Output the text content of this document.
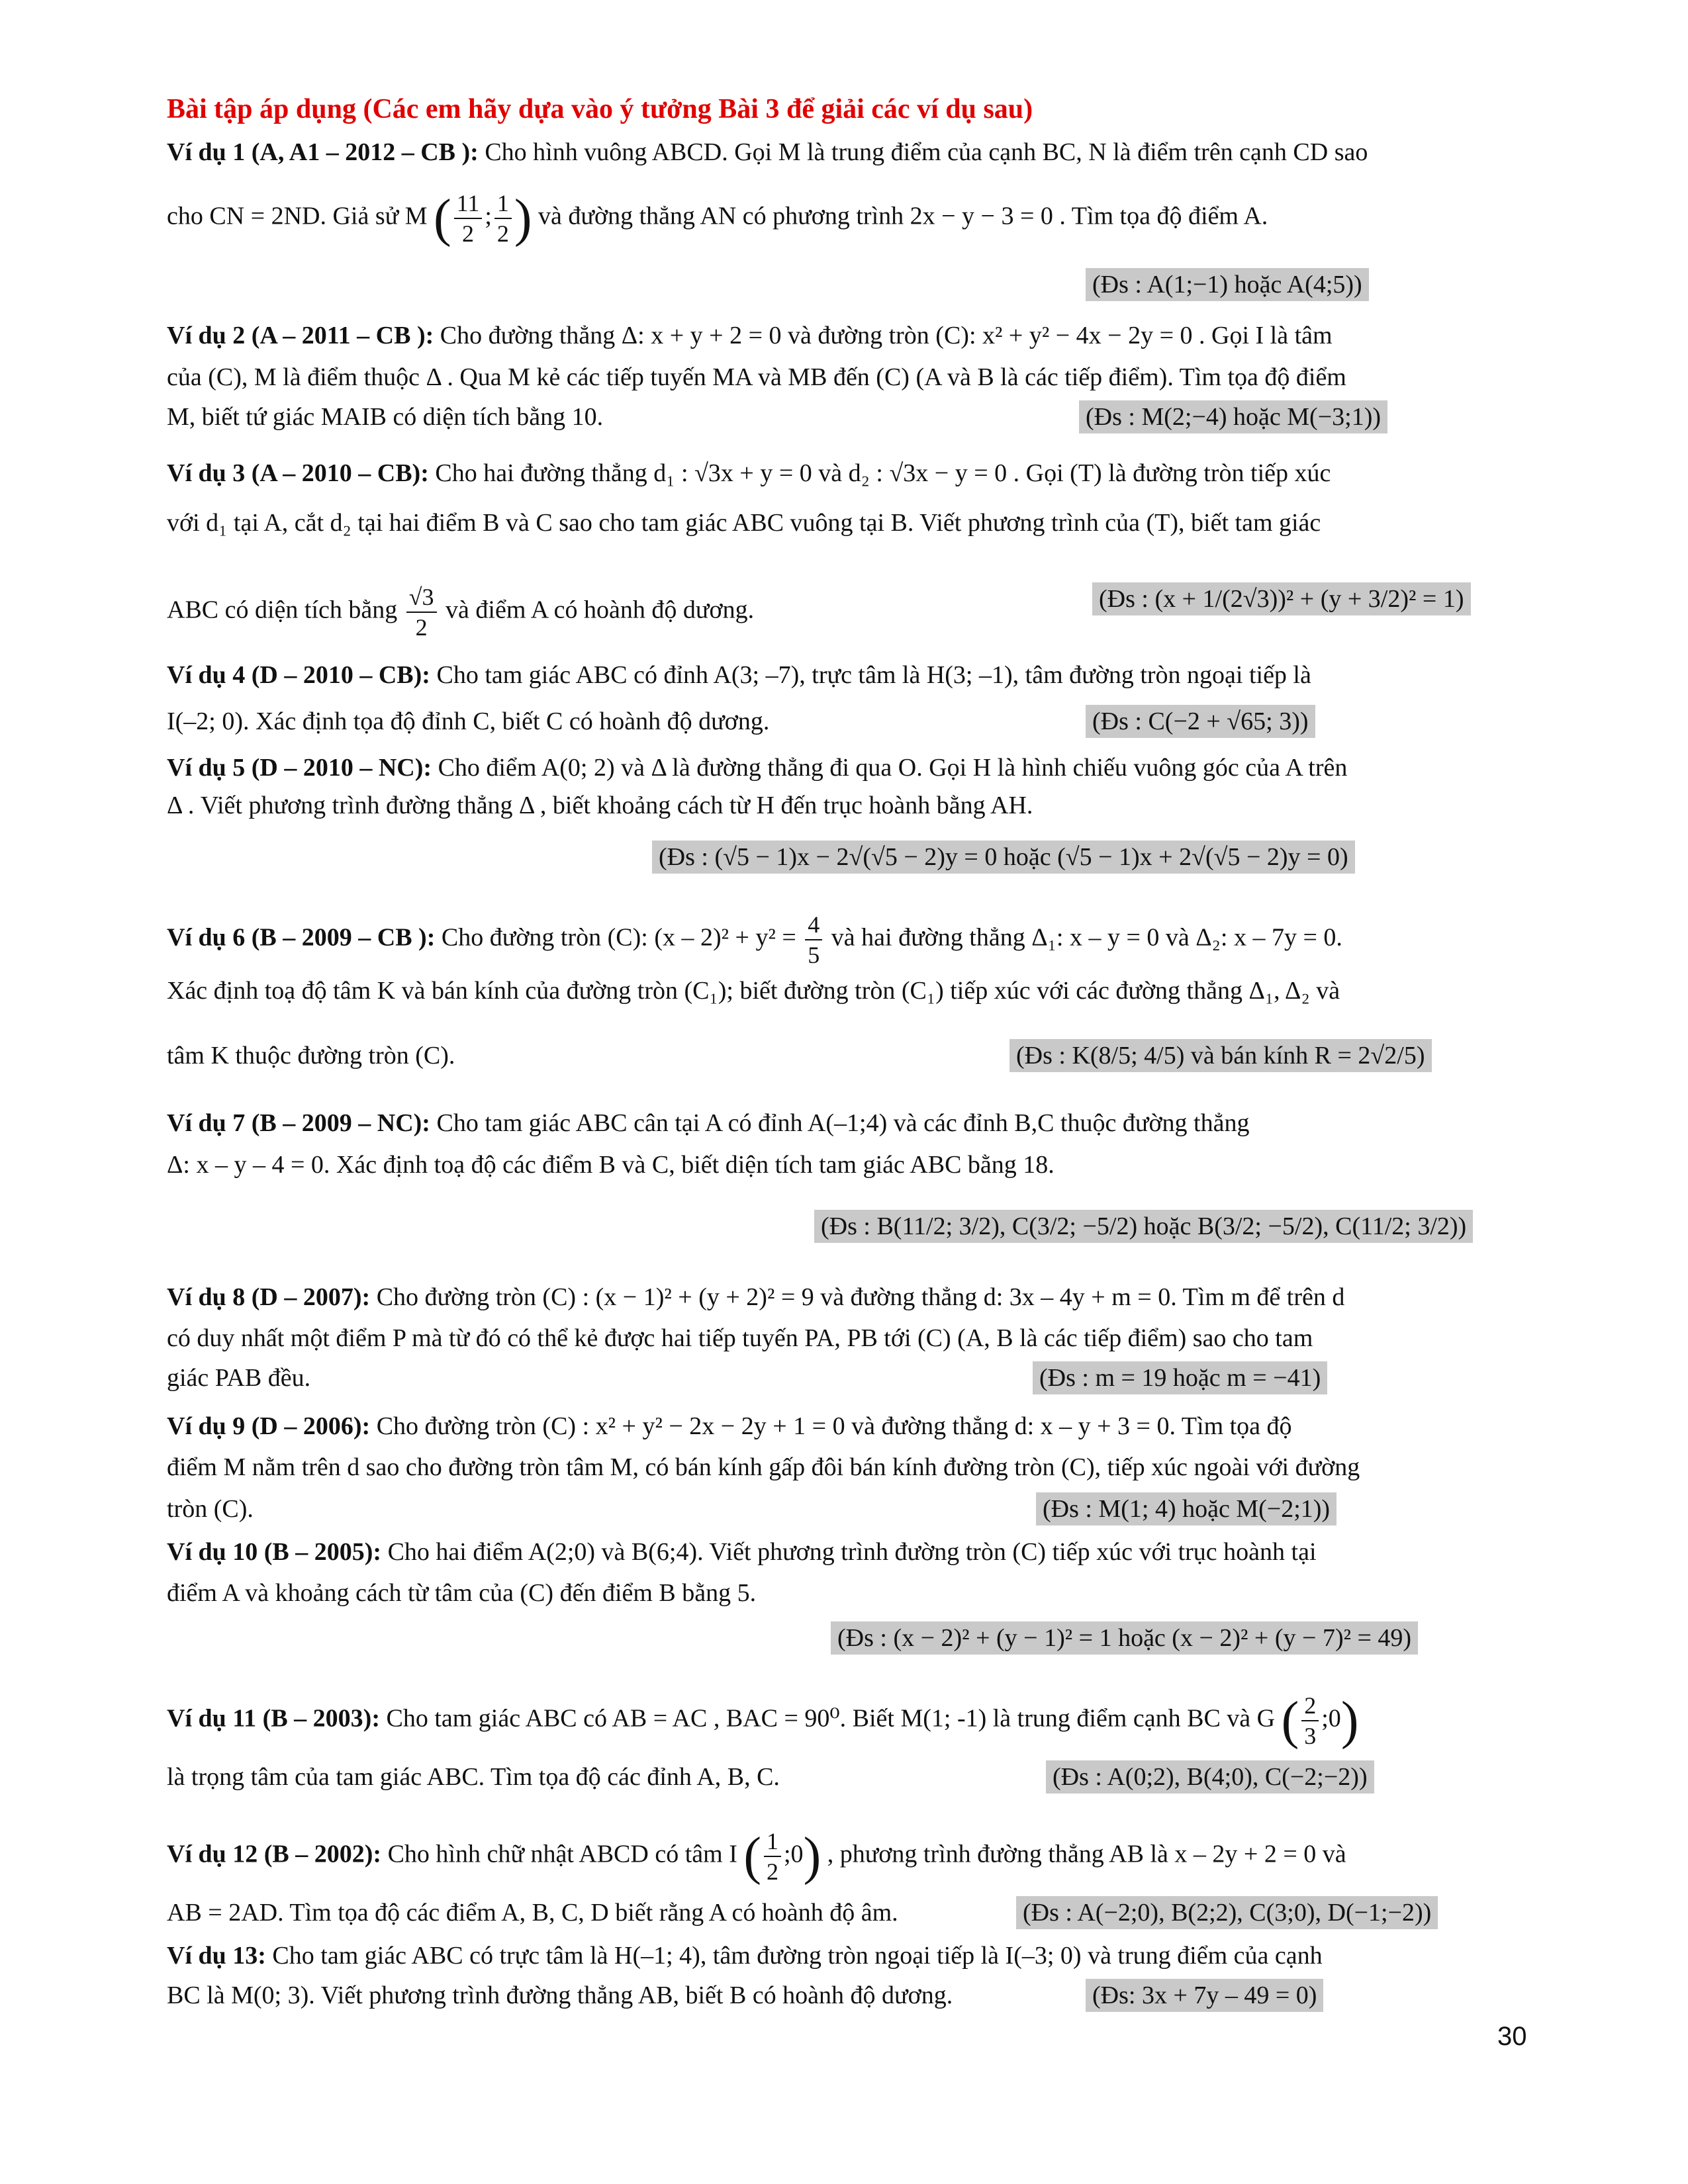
Bài tập áp dụng (Các em hãy dựa vào ý tưởng Bài 3 để giải các ví dụ sau)
Ví dụ 1 (A, A1 – 2012 – CB ): Cho hình vuông ABCD. Gọi M là trung điểm của cạnh BC, N là điểm trên cạnh CD sao
cho CN = 2ND. Giả sử M ( $\frac{11}{2}$ ; $\frac{1}{2}$ ) và đường thẳng AN có phương trình 2x − y − 3 = 0 . Tìm tọa độ điểm A.
(Đs : A(1;−1) hoặc A(4;5))
Ví dụ 2 (A – 2011 – CB ): Cho đường thẳng Δ: x + y + 2 = 0 và đường tròn (C): x² + y² − 4x − 2y = 0 . Gọi I là tâm
của (C), M là điểm thuộc Δ . Qua M kẻ các tiếp tuyến MA và MB đến (C) (A và B là các tiếp điểm). Tìm tọa độ điểm
M, biết tứ giác MAIB có diện tích bằng 10.	(Đs : M(2;−4) hoặc M(−3;1))
Ví dụ 3 (A – 2010 – CB): Cho hai đường thẳng d₁ : √3x + y = 0 và d₂ : √3x − y = 0 . Gọi (T) là đường tròn tiếp xúc
với d₁ tại A, cắt d₂ tại hai điểm B và C sao cho tam giác ABC vuông tại B. Viết phương trình của (T), biết tam giác
ABC có diện tích bằng $\frac{√3}{2}$ và điểm A có hoành độ dương.	(Đs : (x + 1/(2√3))² + (y + 3/2)² = 1)
Ví dụ 4 (D – 2010 – CB): Cho tam giác ABC có đỉnh A(3; –7), trực tâm là H(3; –1), tâm đường tròn ngoại tiếp là
I(–2; 0). Xác định tọa độ đỉnh C, biết C có hoành độ dương.	(Đs : C(−2 + √65; 3))
Ví dụ 5 (D – 2010 – NC): Cho điểm A(0; 2) và Δ là đường thẳng đi qua O. Gọi H là hình chiếu vuông góc của A trên
Δ . Viết phương trình đường thẳng Δ , biết khoảng cách từ H đến trục hoành bằng AH.
(Đs : (√5 − 1)x − 2√(√5 − 2)y = 0 hoặc (√5 − 1)x + 2√(√5 − 2)y = 0)
Ví dụ 6 (B – 2009 – CB ): Cho đường tròn (C): $(x - 2)^2 + y^2 = \frac{4}{5}$ và hai đường thẳng Δ₁: x – y = 0 và Δ₂: x – 7y = 0.
Xác định toạ độ tâm K và bán kính của đường tròn (C₁); biết đường tròn (C₁) tiếp xúc với các đường thẳng Δ₁, Δ₂ và
tâm K thuộc đường tròn (C).	(Đs : K(8/5; 4/5) và bán kính R = 2√2/5)
Ví dụ 7 (B – 2009 – NC): Cho tam giác ABC cân tại A có đỉnh A(–1;4) và các đỉnh B,C thuộc đường thẳng
Δ: x – y – 4 = 0. Xác định toạ độ các điểm B và C, biết diện tích tam giác ABC bằng 18.
(Đs : B(11/2; 3/2), C(3/2; −5/2) hoặc B(3/2; −5/2), C(11/2; 3/2))
Ví dụ 8 (D – 2007): Cho đường tròn (C) : (x − 1)² + (y + 2)² = 9 và đường thẳng d: 3x – 4y + m = 0. Tìm m để trên d
có duy nhất một điểm P mà từ đó có thể kẻ được hai tiếp tuyến PA, PB tới (C) (A, B là các tiếp điểm) sao cho tam
giác PAB đều.	(Đs : m = 19 hoặc m = −41)
Ví dụ 9 (D – 2006): Cho đường tròn (C) : x² + y² − 2x − 2y + 1 = 0 và đường thẳng d: x – y + 3 = 0. Tìm tọa độ
điểm M nằm trên d sao cho đường tròn tâm M, có bán kính gấp đôi bán kính đường tròn (C), tiếp xúc ngoài với đường
tròn (C).	(Đs : M(1; 4) hoặc M(−2;1))
Ví dụ 10 (B – 2005): Cho hai điểm A(2;0) và B(6;4). Viết phương trình đường tròn (C) tiếp xúc với trục hoành tại
điểm A và khoảng cách từ tâm của (C) đến điểm B bằng 5.
(Đs : (x − 2)² + (y − 1)² = 1 hoặc (x − 2)² + (y − 7)² = 49)
Ví dụ 11 (B – 2003): Cho tam giác ABC có AB = AC , BAC = 90⁰. Biết M(1; -1) là trung điểm cạnh BC và G ( $\frac{2}{3}$ ;0)
là trọng tâm của tam giác ABC. Tìm tọa độ các đỉnh A, B, C.	(Đs : A(0;2), B(4;0), C(−2;−2))
Ví dụ 12 (B – 2002): Cho hình chữ nhật ABCD có tâm I ( $\frac{1}{2}$ ;0) , phương trình đường thẳng AB là x – 2y + 2 = 0 và
AB = 2AD. Tìm tọa độ các điểm A, B, C, D biết rằng A có hoành độ âm.	(Đs : A(−2;0), B(2;2), C(3;0), D(−1;−2))
Ví dụ 13: Cho tam giác ABC có trực tâm là H(–1; 4), tâm đường tròn ngoại tiếp là I(–3; 0) và trung điểm của cạnh
BC là M(0; 3). Viết phương trình đường thẳng AB, biết B có hoành độ dương.	(Đs: 3x + 7y – 49 = 0)
30
